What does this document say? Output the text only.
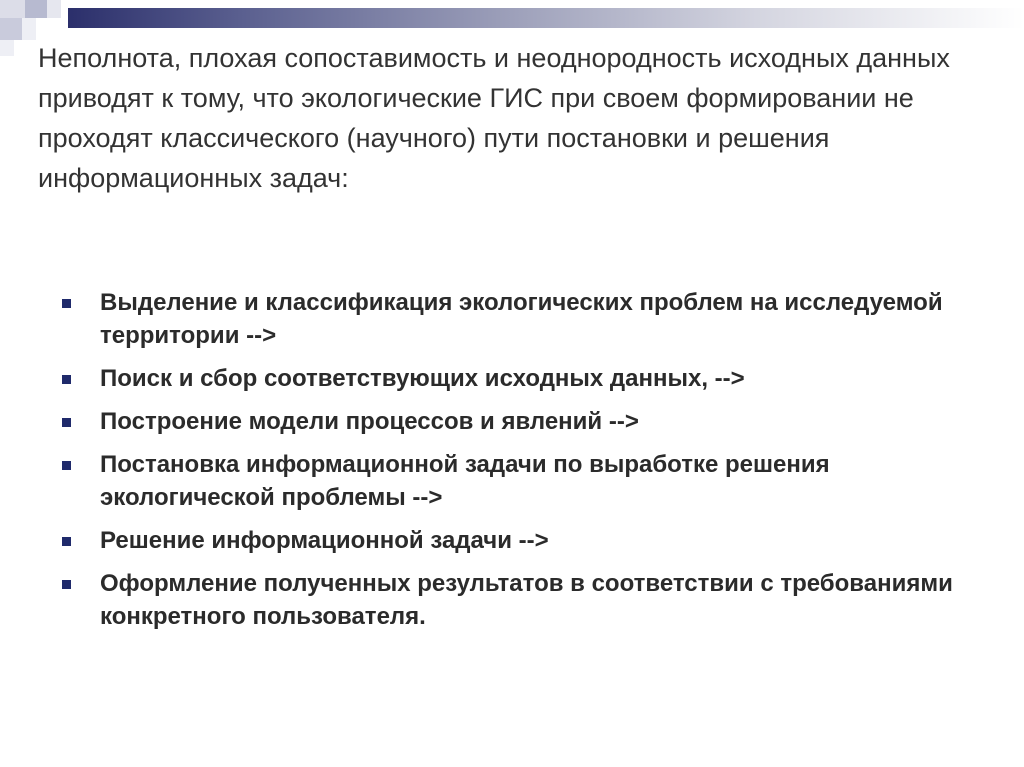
Неполнота, плохая сопоставимость и неоднородность исходных данных приводят к тому, что экологические ГИС при своем формировании не проходят классического (научного) пути постановки и решения информационных задач:

Выделение и классификация экологических проблем на исследуемой территории -->
Поиск и сбор соответствующих исходных данных, -->
Построение модели процессов и явлений -->
Постановка информационной задачи по выработке решения экологической проблемы -->
Решение информационной задачи -->
Оформление полученных результатов в соответствии с требованиями конкретного пользователя.
